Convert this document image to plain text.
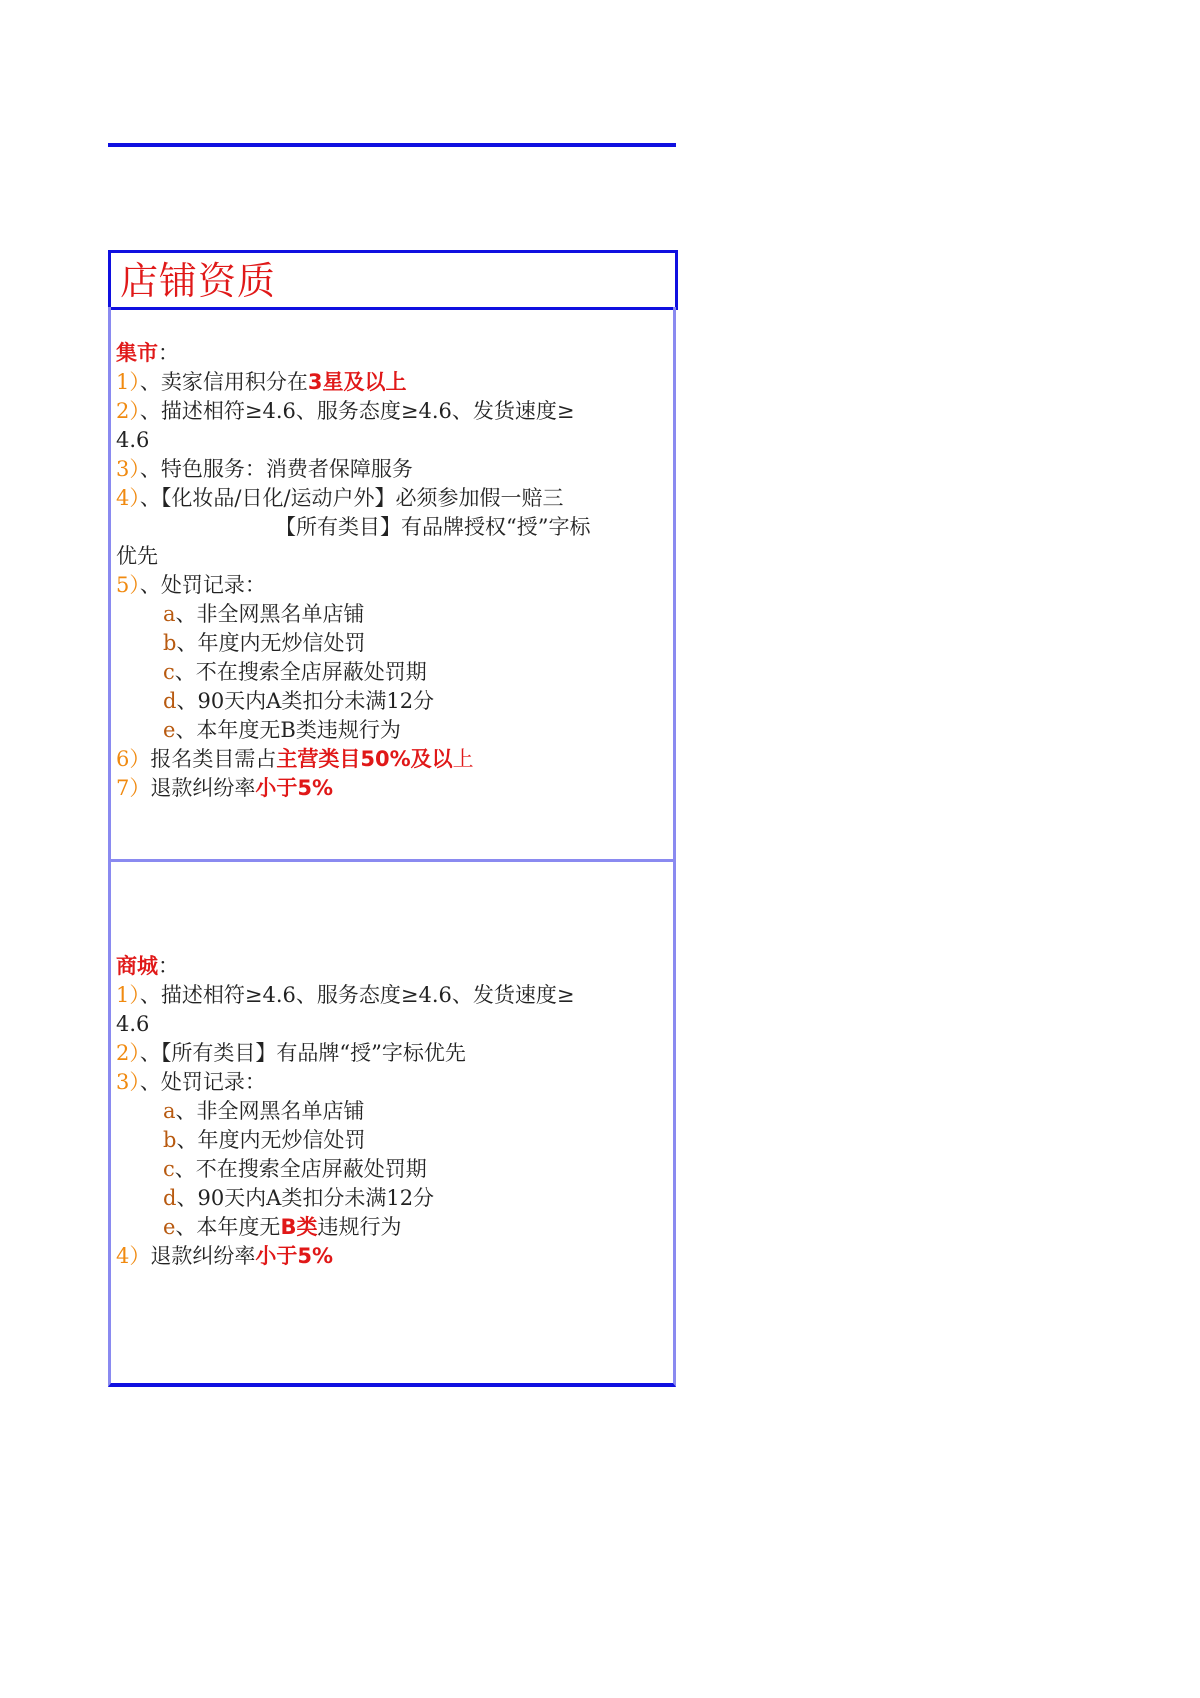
店铺资质
集市：
1）、卖家信用积分在3星及以上
2）、描述相符≥4.6、服务态度≥4.6、发货速度≥
4.6
3）、特色服务：消费者保障服务
4）、【化妆品/日化/运动户外】必须参加假一赔三
【所有类目】有品牌授权“授”字标
优先
5）、处罚记录：
a、非全网黑名单店铺
b、年度内无炒信处罚
c、不在搜索全店屏蔽处罚期
d、90天内A类扣分未满12分
e、本年度无B类违规行为
6）报名类目需占主营类目50%及以上
7）退款纠纷率小于5%
商城：
1）、描述相符≥4.6、服务态度≥4.6、发货速度≥
4.6
2）、【所有类目】有品牌“授”字标优先
3）、处罚记录：
a、非全网黑名单店铺
b、年度内无炒信处罚
c、不在搜索全店屏蔽处罚期
d、90天内A类扣分未满12分
e、本年度无B类违规行为
4）退款纠纷率小于5%
